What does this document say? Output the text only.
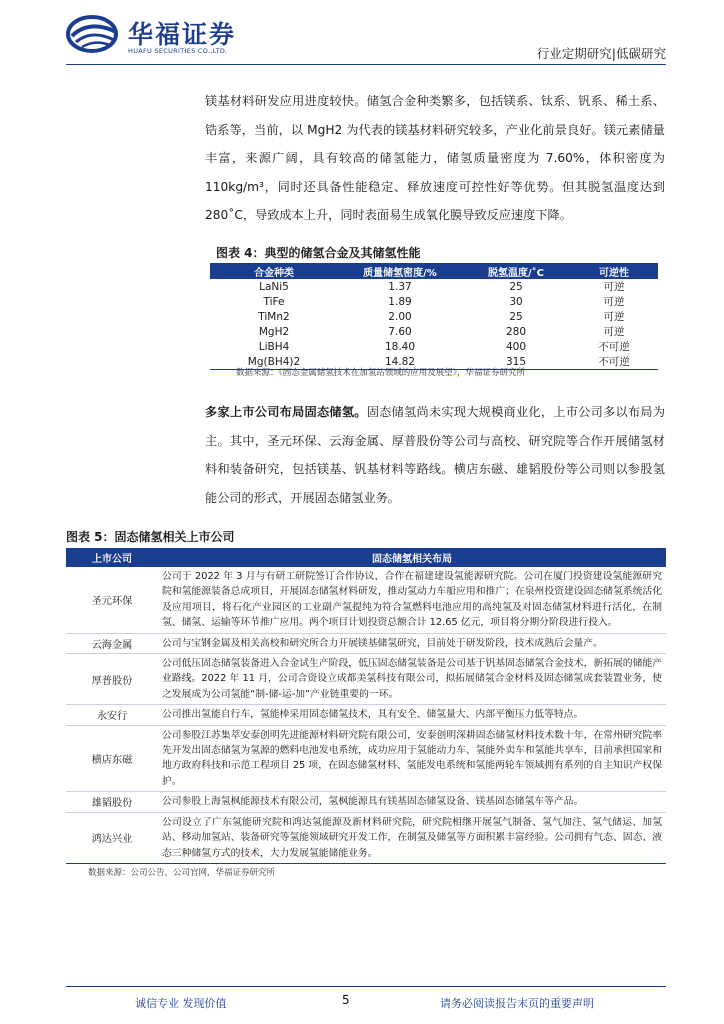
华福证券
HUAFU SECURITIES CO.,LTD.	行业定期研究|低碳研究
镁基材料研发应用进度较快。储氢合金种类繁多，包括镁系、钛系、钒系、稀土系、锆系等，当前，以 MgH2 为代表的镁基材料研究较多，产业化前景良好。镁元素储量丰富，来源广阔，具有较高的储氢能力，储氢质量密度为 7.60%，体积密度为 110kg/m³，同时还具备性能稳定、释放速度可控性好等优势。但其脱氢温度达到 280˚C，导致成本上升，同时表面易生成氧化膜导致反应速度下降。
图表 4：典型的储氢合金及其储氢性能
合金种类	质量储氢密度/%	脱氢温度/˚C	可逆性
LaNi5	1.37	25	可逆
TiFe	1.89	30	可逆
TiMn2	2.00	25	可逆
MgH2	7.60	280	可逆
LiBH4	18.40	400	不可逆
Mg(BH4)2	14.82	315	不可逆
数据来源：《固态金属储氢技术在加氢站领域的应用及展望》，华福证券研究所
多家上市公司布局固态储氢。固态储氢尚未实现大规模商业化，上市公司多以布局为主。其中，圣元环保、云海金属、厚普股份等公司与高校、研究院等合作开展储氢材料和装备研究，包括镁基、钒基材料等路线。横店东磁、雄韬股份等公司则以参股氢能公司的形式，开展固态储氢业务。
图表 5：固态储氢相关上市公司
上市公司	固态储氢相关布局
圣元环保	公司于 2022 年 3 月与有研工研院签订合作协议，合作在福建建设氢能源研究院。公司在厦门投资建设氢能源研究院和氢能源装备总成项目，开展固态储氢材料研发，推动氢动力车船应用和推广；在泉州投资建设固态储氢系统活化及应用项目，将石化产业园区的工业副产氢提纯为符合氢燃料电池应用的高纯氢及对固态储氢材料进行活化，在制氢、储氢、运输等环节推广应用。两个项目计划投资总额合计 12.65 亿元，项目将分期分阶段进行投入。
云海金属	公司与宝钢金属及相关高校和研究所合力开展镁基储氢研究，目前处于研发阶段，技术成熟后会量产。
厚普股份	公司低压固态储氢装备进入合金试生产阶段，低压固态储氢装备是公司基于钒基固态储氢合金技术，新拓展的储能产业路线。2022 年 11 月，公司合资设立成都美氢科技有限公司，拟拓展储氢合金材料及固态储氢成套装置业务，使之发展成为公司氢能“制-储-运-加”产业链重要的一环。
永安行	公司推出氢能自行车，氢能棒采用固态储氢技术，具有安全、储氢量大、内部平衡压力低等特点。
横店东磁	公司参股江苏集萃安泰创明先进能源材料研究院有限公司，安泰创明深耕固态储氢材料技术数十年，在常州研究院率先开发出固态储氢为氢源的燃料电池发电系统，成功应用于氢能动力车、氢能外卖车和氢能共享车，目前承担国家和地方政府科技和示范工程项目 25 项，在固态储氢材料、氢能发电系统和氢能两轮车领域拥有系列的自主知识产权保护。
雄韬股份	公司参股上海氢枫能源技术有限公司，氢枫能源具有镁基固态储氢设备、镁基固态储氢车等产品。
鸿达兴业	公司设立了广东氢能研究院和鸿达氢能源及新材料研究院，研究院相继开展氢气制备、氢气加注、氢气储运、加氢站、移动加氢站、装备研究等氢能领域研究开发工作，在制氢及储氢等方面积累丰富经验。公司拥有气态、固态、液态三种储氢方式的技术，大力发展氢能储能业务。
数据来源：公司公告，公司官网，华福证券研究所
诚信专业 发现价值	5	请务必阅读报告末页的重要声明
